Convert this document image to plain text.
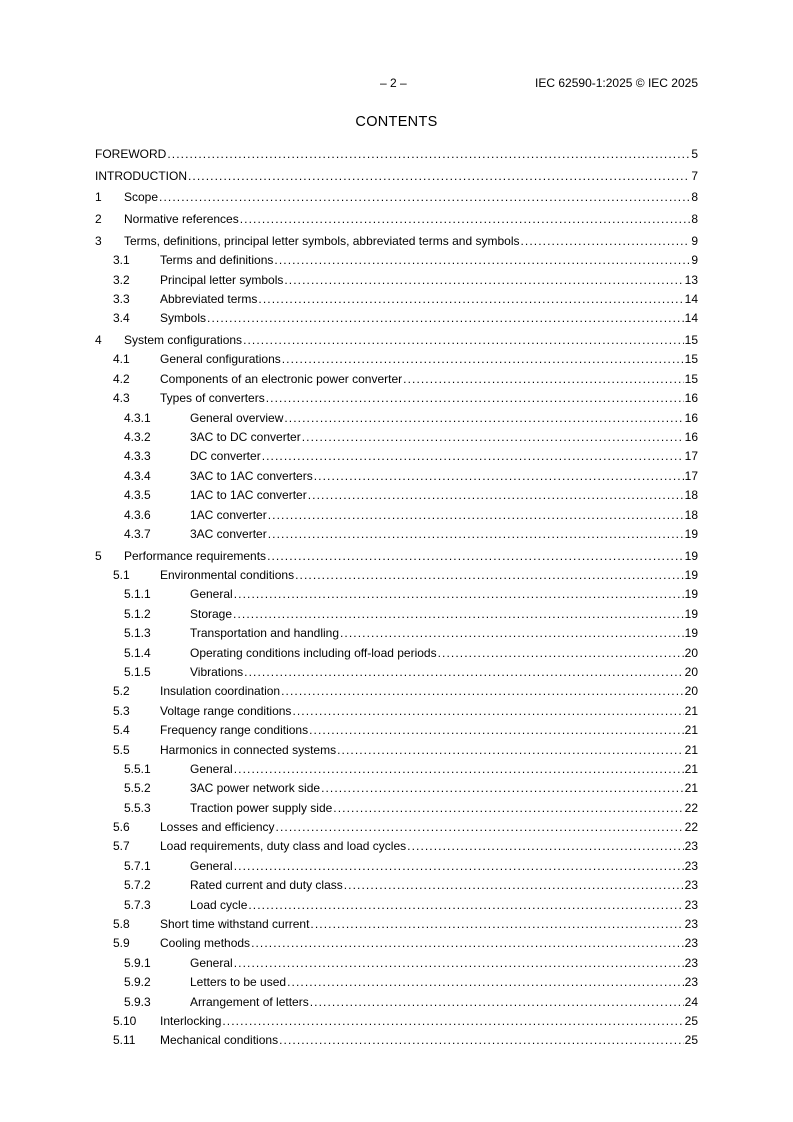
– 2 –	IEC 62590-1:2025 © IEC 2025
CONTENTS
FOREWORD .....	5
INTRODUCTION .....	7
1 Scope .....	8
2 Normative references .....	8
3 Terms, definitions, principal letter symbols, abbreviated terms and symbols .....	9
3.1	Terms and definitions .....	9
3.2	Principal letter symbols .....	13
3.3	Abbreviated terms .....	14
3.4	Symbols .....	14
4 System configurations .....	15
4.1	General configurations .....	15
4.2	Components of an electronic power converter .....	15
4.3	Types of converters .....	16
4.3.1	General overview .....	16
4.3.2	3AC to DC converter .....	16
4.3.3	DC converter .....	17
4.3.4	3AC to 1AC converters .....	17
4.3.5	1AC to 1AC converter .....	18
4.3.6	1AC converter .....	18
4.3.7	3AC converter .....	19
5 Performance requirements .....	19
5.1	Environmental conditions .....	19
5.1.1	General .....	19
5.1.2	Storage .....	19
5.1.3	Transportation and handling .....	19
5.1.4	Operating conditions including off-load periods .....	20
5.1.5	Vibrations .....	20
5.2	Insulation coordination .....	20
5.3	Voltage range conditions .....	21
5.4	Frequency range conditions .....	21
5.5	Harmonics in connected systems .....	21
5.5.1	General .....	21
5.5.2	3AC power network side .....	21
5.5.3	Traction power supply side .....	22
5.6	Losses and efficiency .....	22
5.7	Load requirements, duty class and load cycles .....	23
5.7.1	General .....	23
5.7.2	Rated current and duty class .....	23
5.7.3	Load cycle .....	23
5.8	Short time withstand current .....	23
5.9	Cooling methods .....	23
5.9.1	General .....	23
5.9.2	Letters to be used .....	23
5.9.3	Arrangement of letters .....	24
5.10 Interlocking .....	25
5.11 Mechanical conditions .....	25
